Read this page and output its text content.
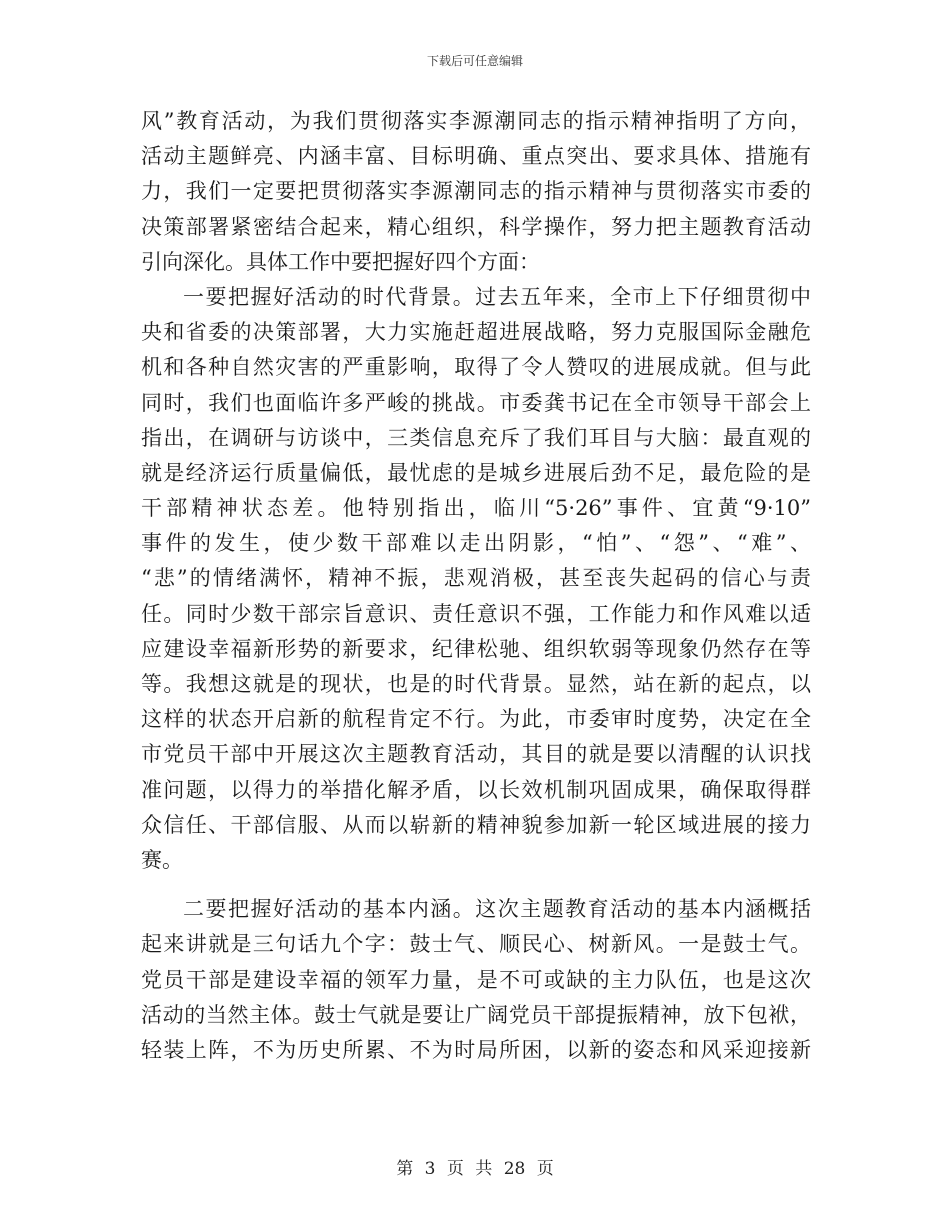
下载后可任意编辑
风”教育活动，为我们贯彻落实李源潮同志的指示精神指明了方向，
活动主题鲜亮、内涵丰富、目标明确、重点突出、要求具体、措施有
力，我们一定要把贯彻落实李源潮同志的指示精神与贯彻落实市委的
决策部署紧密结合起来，精心组织，科学操作，努力把主题教育活动
引向深化。具体工作中要把握好四个方面：
一要把握好活动的时代背景。过去五年来，全市上下仔细贯彻中
央和省委的决策部署，大力实施赶超进展战略，努力克服国际金融危
机和各种自然灾害的严重影响，取得了令人赞叹的进展成就。但与此
同时，我们也面临许多严峻的挑战。市委龚书记在全市领导干部会上
指出，在调研与访谈中，三类信息充斥了我们耳目与大脑：最直观的
就是经济运行质量偏低，最忧虑的是城乡进展后劲不足，最危险的是
干部精神状态差。他特别指出，临川“5·26”事件、宜黄“9·10”
事件的发生，使少数干部难以走出阴影，“怕”、“怨”、“难”、
“悲”的情绪满怀，精神不振，悲观消极，甚至丧失起码的信心与责
任。同时少数干部宗旨意识、责任意识不强，工作能力和作风难以适
应建设幸福新形势的新要求，纪律松驰、组织软弱等现象仍然存在等
等。我想这就是的现状，也是的时代背景。显然，站在新的起点，以
这样的状态开启新的航程肯定不行。为此，市委审时度势，决定在全
市党员干部中开展这次主题教育活动，其目的就是要以清醒的认识找
准问题，以得力的举措化解矛盾，以长效机制巩固成果，确保取得群
众信任、干部信服、从而以崭新的精神貌参加新一轮区域进展的接力
赛。
二要把握好活动的基本内涵。这次主题教育活动的基本内涵概括
起来讲就是三句话九个字：鼓士气、顺民心、树新风。一是鼓士气。
党员干部是建设幸福的领军力量，是不可或缺的主力队伍，也是这次
活动的当然主体。鼓士气就是要让广阔党员干部提振精神，放下包袱，
轻装上阵，不为历史所累、不为时局所困，以新的姿态和风采迎接新
第 3 页 共 28 页
